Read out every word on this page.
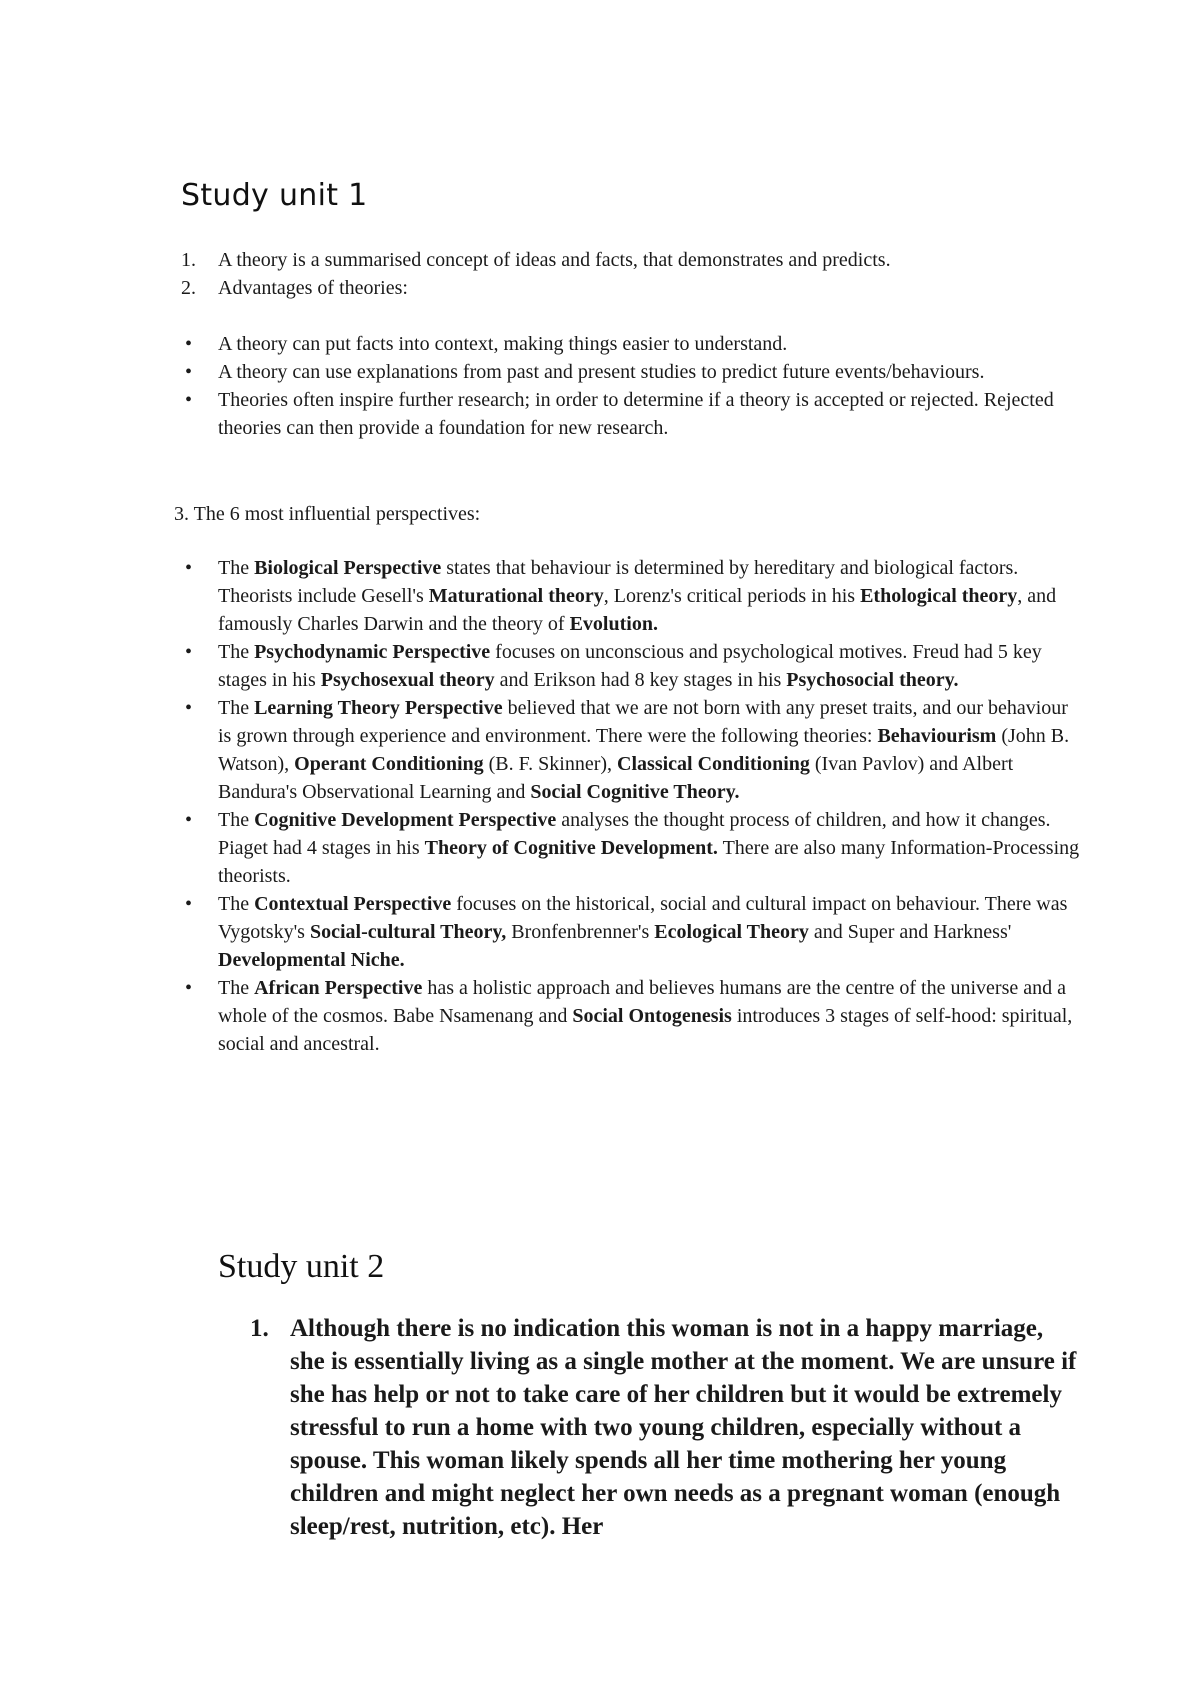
Study unit 1
1. A theory is a summarised concept of ideas and facts, that demonstrates and predicts.
2. Advantages of theories:
• A theory can put facts into context, making things easier to understand.
• A theory can use explanations from past and present studies to predict future events/behaviours.
• Theories often inspire further research; in order to determine if a theory is accepted or rejected. Rejected theories can then provide a foundation for new research.

3. The 6 most influential perspectives:

• The Biological Perspective states that behaviour is determined by hereditary and biological factors. Theorists include Gesell's Maturational theory, Lorenz's critical periods in his Ethological theory, and famously Charles Darwin and the theory of Evolution.
• The Psychodynamic Perspective focuses on unconscious and psychological motives. Freud had 5 key stages in his Psychosexual theory and Erikson had 8 key stages in his Psychosocial theory.
• The Learning Theory Perspective believed that we are not born with any preset traits, and our behaviour is grown through experience and environment. There were the following theories: Behaviourism (John B. Watson), Operant Conditioning (B. F. Skinner), Classical Conditioning (Ivan Pavlov) and Albert Bandura's Observational Learning and Social Cognitive Theory.
• The Cognitive Development Perspective analyses the thought process of children, and how it changes. Piaget had 4 stages in his Theory of Cognitive Development. There are also many Information-Processing theorists.
• The Contextual Perspective focuses on the historical, social and cultural impact on behaviour. There was Vygotsky's Social-cultural Theory, Bronfenbrenner's Ecological Theory and Super and Harkness' Developmental Niche.
• The African Perspective has a holistic approach and believes humans are the centre of the universe and a whole of the cosmos. Babe Nsamenang and Social Ontogenesis introduces 3 stages of self-hood: spiritual, social and ancestral.
Study unit 2
1. Although there is no indication this woman is not in a happy marriage, she is essentially living as a single mother at the moment. We are unsure if she has help or not to take care of her children but it would be extremely stressful to run a home with two young children, especially without a spouse. This woman likely spends all her time mothering her young children and might neglect her own needs as a pregnant woman (enough sleep/rest, nutrition, etc). Her
